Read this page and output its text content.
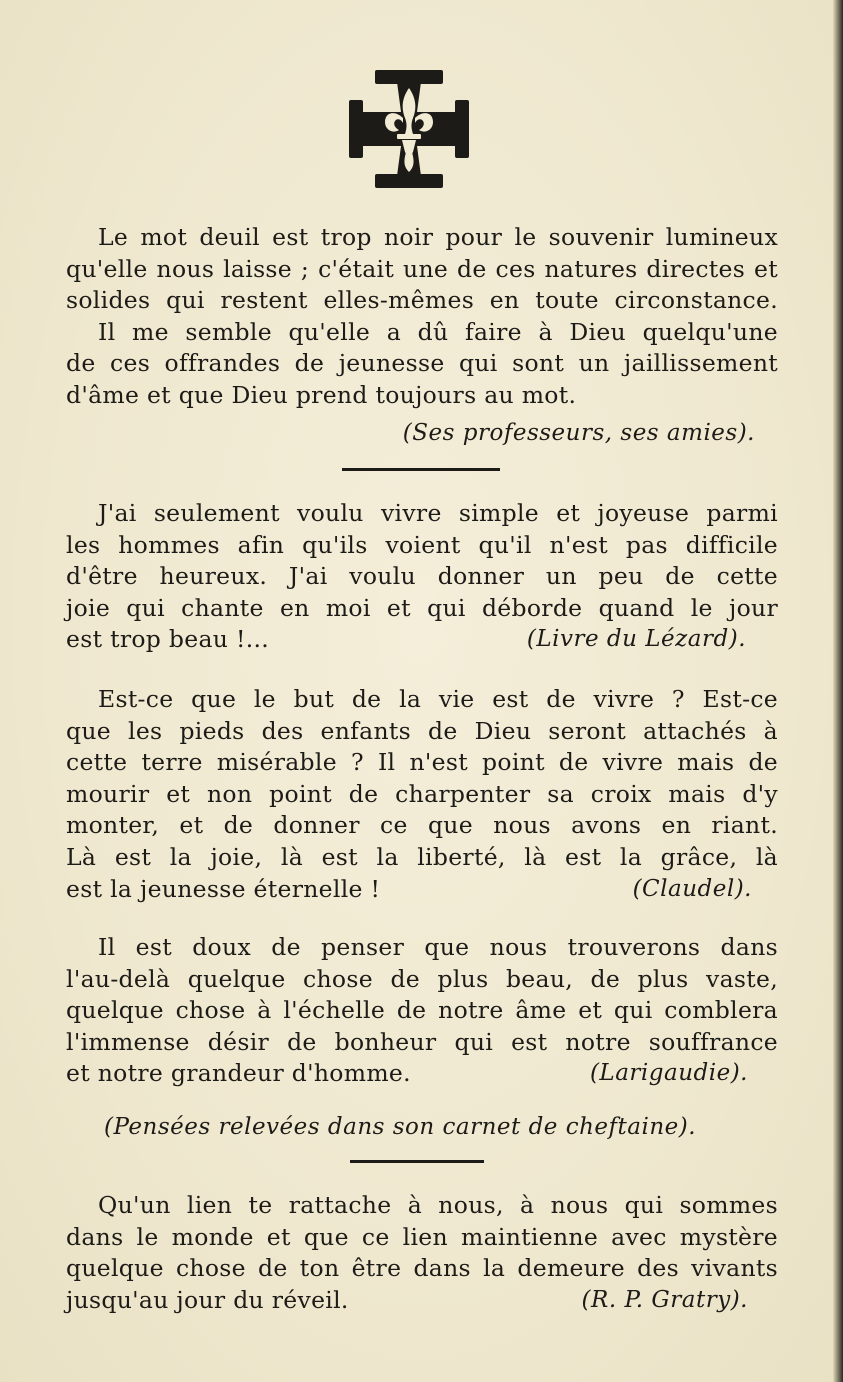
Le mot deuil est trop noir pour le souvenir lumineux
qu'elle nous laisse ; c'était une de ces natures directes et
solides qui restent elles-mêmes en toute circonstance.
Il me semble qu'elle a dû faire à Dieu quelqu'une
de ces offrandes de jeunesse qui sont un jaillissement
d'âme et que Dieu prend toujours au mot.
(Ses professeurs, ses amies).
J'ai seulement voulu vivre simple et joyeuse parmi
les hommes afin qu'ils voient qu'il n'est pas difficile
d'être heureux. J'ai voulu donner un peu de cette
joie qui chante en moi et qui déborde quand le jour
est trop beau !...	(Livre du Lézard).
Est-ce que le but de la vie est de vivre ? Est-ce
que les pieds des enfants de Dieu seront attachés à
cette terre misérable ? Il n'est point de vivre mais de
mourir et non point de charpenter sa croix mais d'y
monter, et de donner ce que nous avons en riant.
Là est la joie, là est la liberté, là est la grâce, là
est la jeunesse éternelle !	(Claudel).
Il est doux de penser que nous trouverons dans
l'au-delà quelque chose de plus beau, de plus vaste,
quelque chose à l'échelle de notre âme et qui comblera
l'immense désir de bonheur qui est notre souffrance
et notre grandeur d'homme.	(Larigaudie).
(Pensées relevées dans son carnet de cheftaine).
Qu'un lien te rattache à nous, à nous qui sommes
dans le monde et que ce lien maintienne avec mystère
quelque chose de ton être dans la demeure des vivants
jusqu'au jour du réveil.	(R. P. Gratry).
